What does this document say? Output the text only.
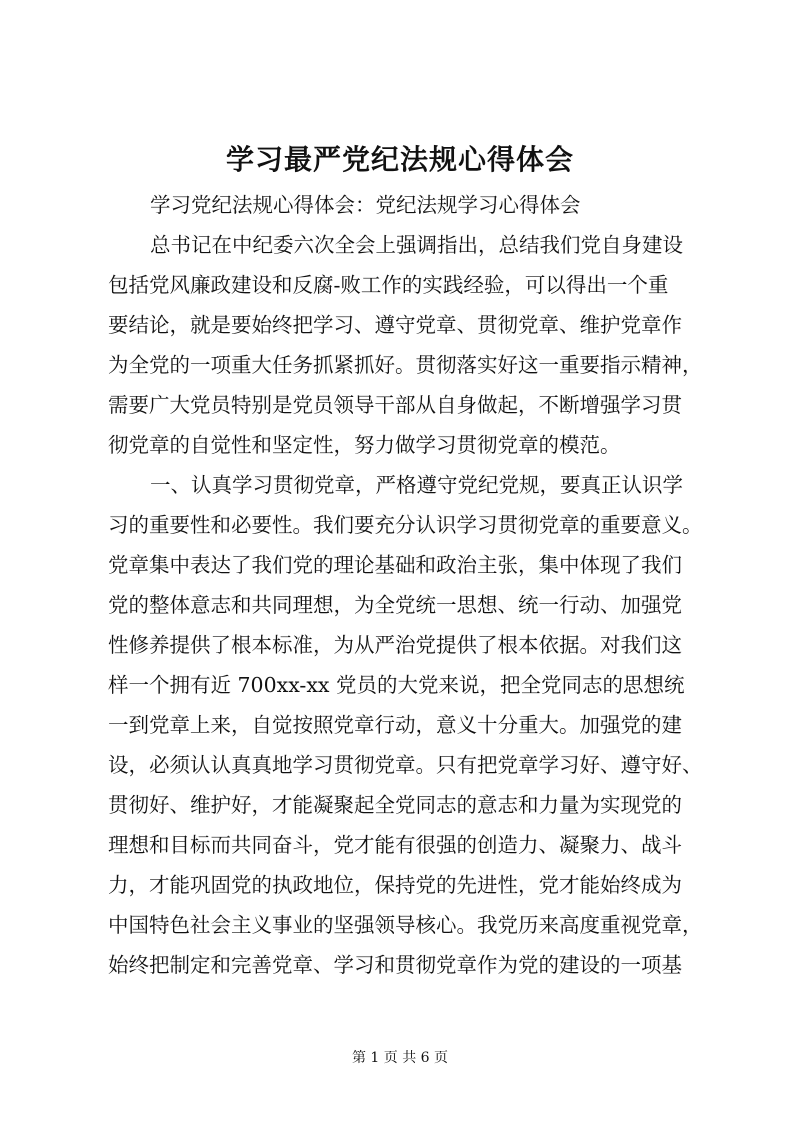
学习最严党纪法规心得体会
学习党纪法规心得体会：党纪法规学习心得体会
总书记在中纪委六次全会上强调指出，总结我们党自身建设
包括党风廉政建设和反腐-败工作的实践经验，可以得出一个重
要结论，就是要始终把学习、遵守党章、贯彻党章、维护党章作
为全党的一项重大任务抓紧抓好。贯彻落实好这一重要指示精神，
需要广大党员特别是党员领导干部从自身做起，不断增强学习贯
彻党章的自觉性和坚定性，努力做学习贯彻党章的模范。
一、认真学习贯彻党章，严格遵守党纪党规，要真正认识学
习的重要性和必要性。我们要充分认识学习贯彻党章的重要意义。
党章集中表达了我们党的理论基础和政治主张，集中体现了我们
党的整体意志和共同理想，为全党统一思想、统一行动、加强党
性修养提供了根本标准，为从严治党提供了根本依据。对我们这
样一个拥有近 700xx-xx 党员的大党来说，把全党同志的思想统
一到党章上来，自觉按照党章行动，意义十分重大。加强党的建
设，必须认认真真地学习贯彻党章。只有把党章学习好、遵守好、
贯彻好、维护好，才能凝聚起全党同志的意志和力量为实现党的
理想和目标而共同奋斗，党才能有很强的创造力、凝聚力、战斗
力，才能巩固党的执政地位，保持党的先进性，党才能始终成为
中国特色社会主义事业的坚强领导核心。我党历来高度重视党章，
始终把制定和完善党章、学习和贯彻党章作为党的建设的一项基
第 1 页 共 6 页
